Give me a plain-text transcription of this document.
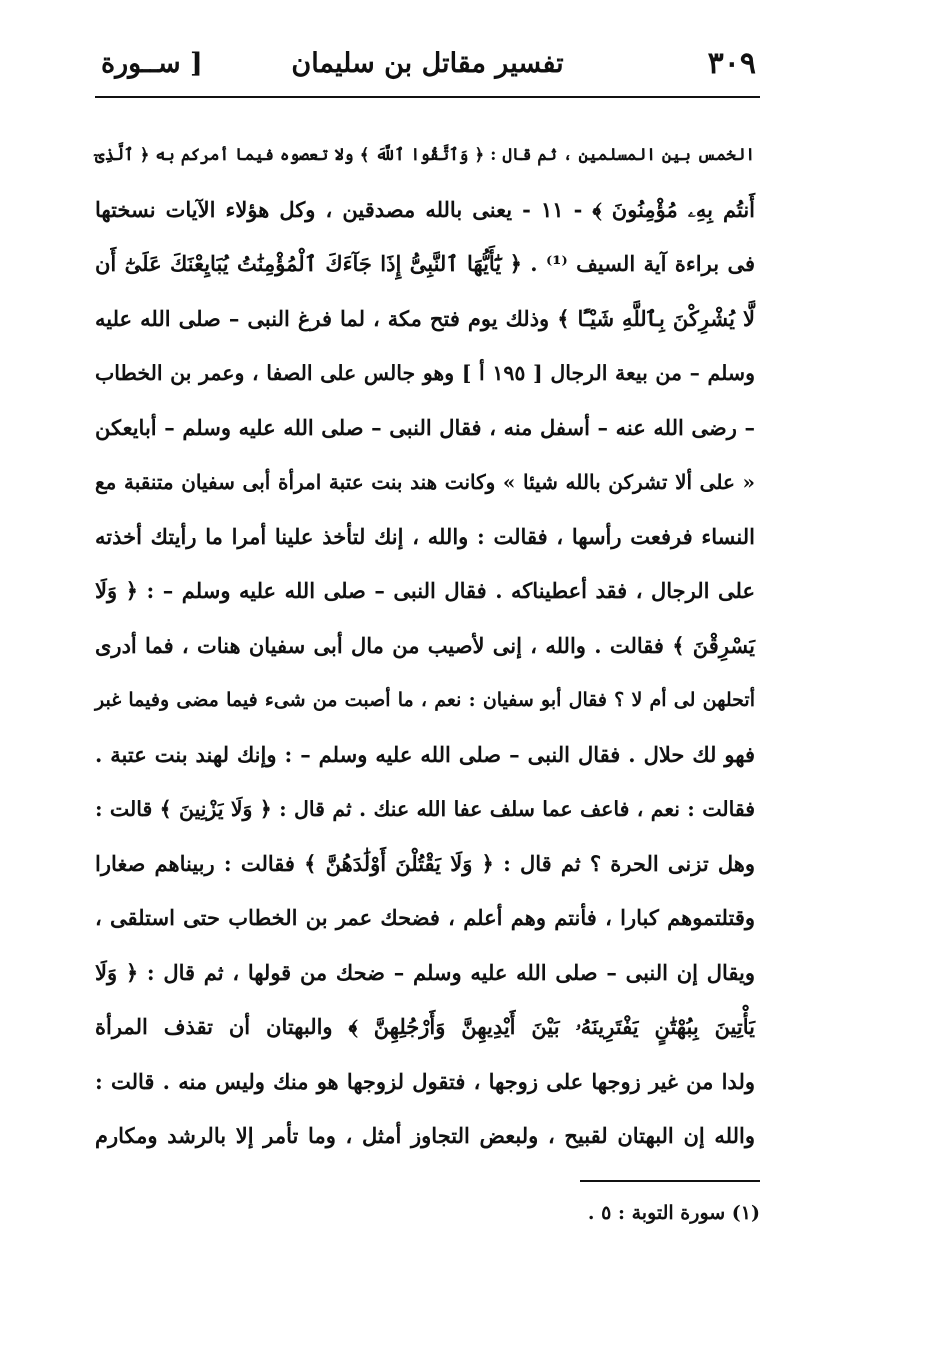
٣٠٩
تفسير مقاتل بن سليمان
[ ســورة
الخمس بين المسلمين ، ثم قال : ﴿ وَٱتَّقُوا ٱللَّهَ ﴾ ولا تعصوه فيما أمركم به ﴿ ٱلَّذِىٓ
أَنتُم بِهِۦ مُؤْمِنُونَ ﴾ - ١١ - يعنى بالله مصدقين ، وكل هؤلاء الآيات نسختها
فى براءة آية السيف ⁽¹⁾ . ﴿ يَٰٓأَيُّهَا ٱلنَّبِىُّ إِذَا جَآءَكَ ٱلْمُؤْمِنَٰتُ يُبَايِعْنَكَ عَلَىٰٓ أَن
لَّا يُشْرِكْنَ بِٱللَّهِ شَيْـًٔا ﴾ وذلك يوم فتح مكة ، لما فرغ النبى – صلى الله عليه
وسلم – من بيعة الرجال [ ١٩٥ أ ] وهو جالس على الصفا ، وعمر بن الخطاب
– رضى الله عنه – أسفل منه ، فقال النبى – صلى الله عليه وسلم – أبايعكن
« على ألا تشركن بالله شيئا » وكانت هند بنت عتبة امرأة أبى سفيان متنقبة مع
النساء فرفعت رأسها ، فقالت : والله ، إنك لتأخذ علينا أمرا ما رأيتك أخذته
على الرجال ، فقد أعطيناكه . فقال النبى – صلى الله عليه وسلم – : ﴿ وَلَا
يَسْرِقْنَ ﴾ فقالت . والله ، إنى لأصيب من مال أبى سفيان هنات ، فما أدرى
أتحلهن لى أم لا ؟ فقال أبو سفيان : نعم ، ما أصبت من شىء فيما مضى وفيما غبر
فهو لك حلال . فقال النبى – صلى الله عليه وسلم – : وإنك لهند بنت عتبة .
فقالت : نعم ، فاعف عما سلف عفا الله عنك . ثم قال : ﴿ وَلَا يَزْنِينَ ﴾ قالت :
وهل تزنى الحرة ؟ ثم قال : ﴿ وَلَا يَقْتُلْنَ أَوْلَٰدَهُنَّ ﴾ فقالت : ربيناهم صغارا
وقتلتموهم كبارا ، فأنتم وهم أعلم ، فضحك عمر بن الخطاب حتى استلقى ،
ويقال إن النبى – صلى الله عليه وسلم – ضحك من قولها ، ثم قال : ﴿ وَلَا
يَأْتِينَ بِبُهْتَٰنٍ يَفْتَرِينَهُۥ بَيْنَ أَيْدِيهِنَّ وَأَرْجُلِهِنَّ ﴾ والبهتان أن تقذف المرأة
ولدا من غير زوجها على زوجها ، فتقول لزوجها هو منك وليس منه . قالت :
والله إن البهتان لقبيح ، ولبعض التجاوز أمثل ، وما تأمر إلا بالرشد ومكارم
(١) سورة التوبة : ٥ .
